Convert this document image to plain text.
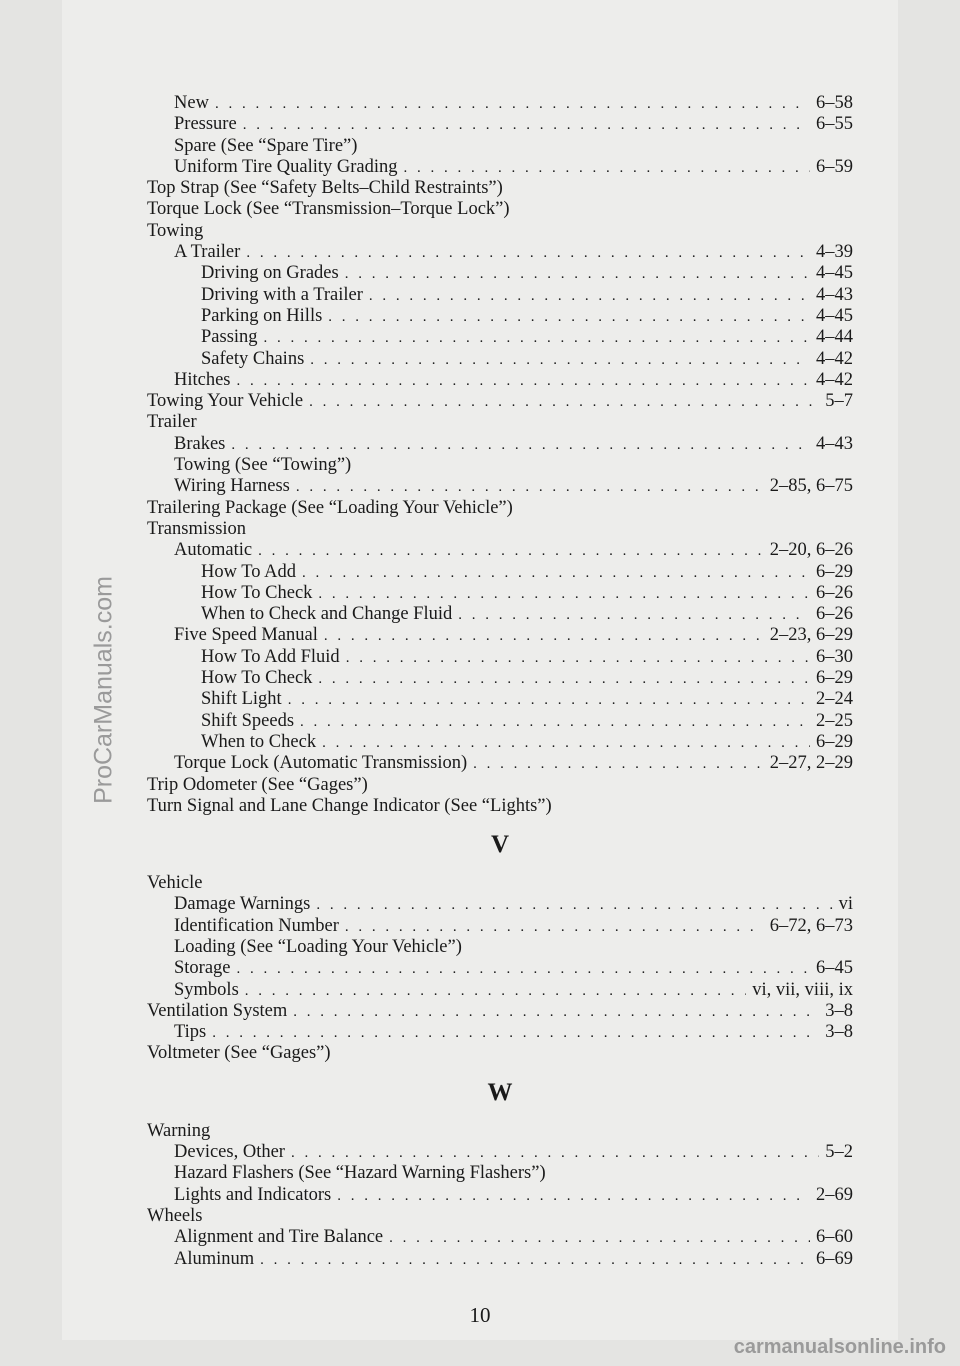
New . . .	6–58
Pressure . . .	6–55
Spare (See “Spare Tire”)
Uniform Tire Quality Grading . . .	6–59
Top Strap (See “Safety Belts–Child Restraints”)
Torque Lock (See “Transmission–Torque Lock”)
Towing
A Trailer . . .	4–39
Driving on Grades . . .	4–45
Driving with a Trailer . . .	4–43
Parking on Hills . . .	4–45
Passing . . .	4–44
Safety Chains . . .	4–42
Hitches . . .	4–42
Towing Your Vehicle . . .	5–7
Trailer
Brakes . . .	4–43
Towing (See “Towing”)
Wiring Harness . . .	2–85, 6–75
Trailering Package (See “Loading Your Vehicle”)
Transmission
Automatic . . .	2–20, 6–26
How To Add . . .	6–29
How To Check . . .	6–26
When to Check and Change Fluid . . .	6–26
Five Speed Manual . . .	2–23, 6–29
How To Add Fluid . . .	6–30
How To Check . . .	6–29
Shift Light . . .	2–24
Shift Speeds . . .	2–25
When to Check . . .	6–29
Torque Lock (Automatic Transmission) . . .	2–27, 2–29
Trip Odometer (See “Gages”)
Turn Signal and Lane Change Indicator (See “Lights”)
V
Vehicle
Damage Warnings . . .	vi
Identification Number . . .	6–72, 6–73
Loading (See “Loading Your Vehicle”)
Storage . . .	6–45
Symbols . . .	vi, vii, viii, ix
Ventilation System . . .	3–8
Tips . . .	3–8
Voltmeter (See “Gages”)
W
Warning
Devices, Other . . .	5–2
Hazard Flashers (See “Hazard Warning Flashers”)
Lights and Indicators . . .	2–69
Wheels
Alignment and Tire Balance . . .	6–60
Aluminum . . .	6–69
10
ProCarManuals.com
carmanualsonline.info
